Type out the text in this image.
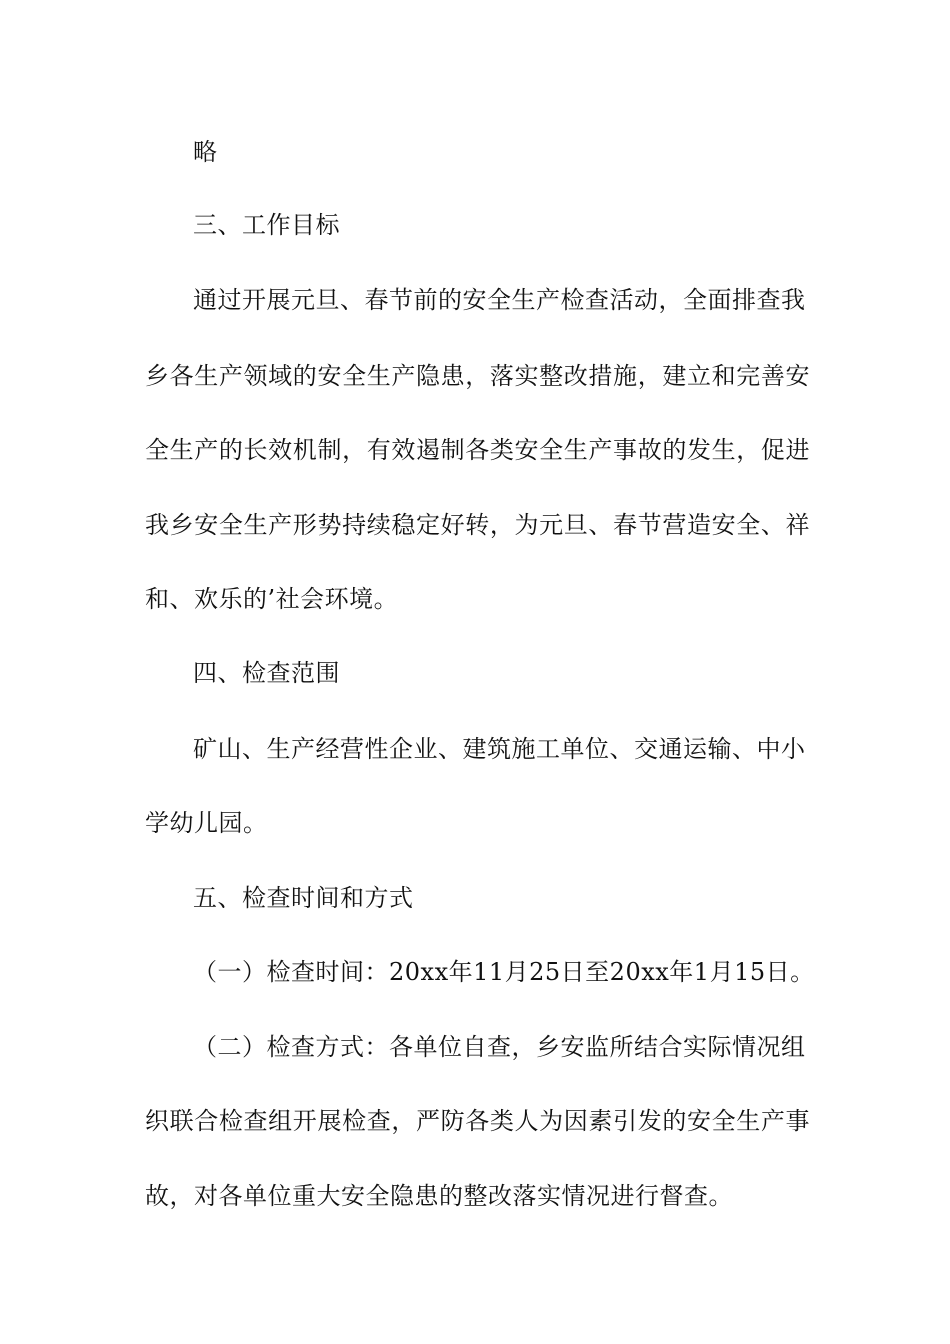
略
三、工作目标
通过开展元旦、春节前的安全生产检查活动，全面排查我
乡各生产领域的安全生产隐患，落实整改措施，建立和完善安
全生产的长效机制，有效遏制各类安全生产事故的发生，促进
我乡安全生产形势持续稳定好转，为元旦、春节营造安全、祥
和、欢乐的’社会环境。
四、检查范围
矿山、生产经营性企业、建筑施工单位、交通运输、中小
学幼儿园。
五、检查时间和方式
（一）检查时间：20xx年11月25日至20xx年1月15日。
（二）检查方式：各单位自查，乡安监所结合实际情况组
织联合检查组开展检查，严防各类人为因素引发的安全生产事
故，对各单位重大安全隐患的整改落实情况进行督查。
